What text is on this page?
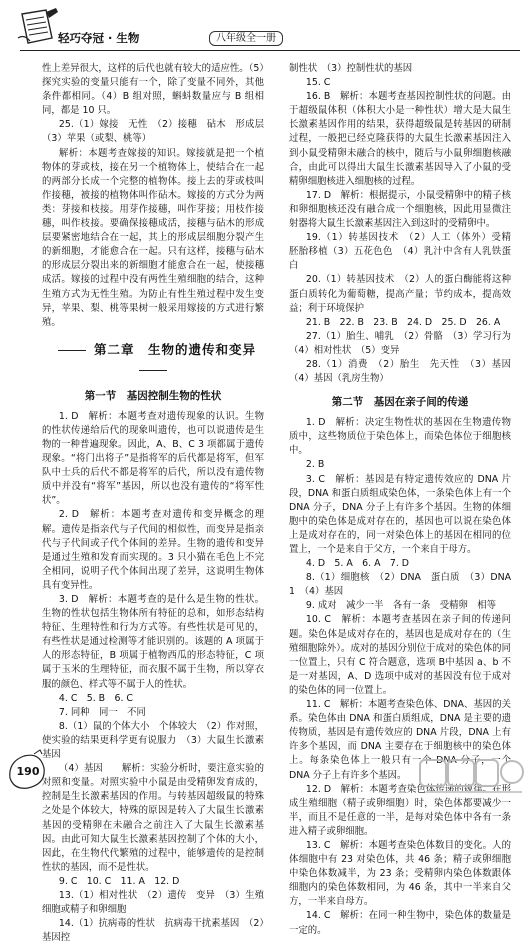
轻巧夺冠 · 生物	八年级全一册

性上差异很大，这样的后代也就有较大的适应性。（5）探究实验的变量只能有一个，除了变量不同外，其他条件都相同。（4）B 组对照，蝌蚪数量应与 B 组相同，都是 10 只。

25.（1）嫁接　无性　（2）接穗　砧木　形成层　（3）苹果（或梨、桃等）

解析：本题考查嫁接的知识。嫁接就是把一个植物体的芽或枝，接在另一个植物体上，使结合在一起的两部分长成一个完整的植物体。接上去的芽或枝叫作接穗，被接的植物体叫作砧木。嫁接的方式分为两类：芽接和枝接。用芽作接穗，叫作芽接；用枝作接穗，叫作枝接。要确保接穗成活，接穗与砧木的形成层要紧密地结合在一起，其上的形成层细胞分裂产生的新细胞，才能愈合在一起。只有这样，接穗与砧木的形成层分裂出来的新细胞才能愈合在一起，使接穗成活。嫁接的过程中没有两性生殖细胞的结合，这种生殖方式为无性生殖。为防止有性生殖过程中发生变异，苹果、梨、桃等果树一般采用嫁接的方式进行繁殖。

第二章　生物的遗传和变异
第一节　基因控制生物的性状

1. D　解析：本题考查对遗传现象的认识。生物的性状传递给后代的现象叫遗传，也可以说遗传是生物的一种普遍现象。因此，A、B、C 3 项都属于遗传现象。“将门出将子”是指将军的后代都是将军，但军队中士兵的后代不都是将军的后代，所以没有遗传物质中并没有“将军”基因，所以也没有遗传的“将军性状”。

2. D　解析：本题考查对遗传和变异概念的理解。遗传是指亲代与子代间的相似性，而变异是指亲代与子代间或子代个体间的差异。生物的遗传和变异是通过生殖和发育而实现的。3 只小猫在毛色上不完全相同，说明子代个体间出现了差异，这说明生物体具有变异性。

3. D　解析：本题考查的是什么是生物的性状。生物的性状包括生物体所有特征的总和，如形态结构特征、生理特性和行为方式等。有些性状是可见的，有些性状是通过检测等才能识别的。该题的 A 项属于人的形态特征，B 项属于植物西瓜的形态特征，C 项属于玉米的生理特征，而衣服不属于生物，所以穿衣服的颜色、样式等不属于人的性状。

4. C　5. B　6. C

7. 同种　同一　不同

8.（1）鼠的个体大小　个体较大　（2）作对照，使实验的结果更科学更有说服力　（3）大鼠生长激素基因

（4）基因　　解析：实验分析时，要注意实验的对照和变量。对照实验中小鼠是由受精卵发育成的，控制是生长激素基因的作用。与转基因超级鼠的特殊之处是个体较大，特殊的原因是转入了大鼠生长激素基因的受精卵在未融合之前注入了大鼠生长激素基因。由此可知大鼠生长激素基因控制了个体的大小，因此，在生物代代繁殖的过程中，能够遗传的是控制性状的基因，而不是性状。

9. C　10. C　11. A　12. D

13.（1）相对性状　（2）遗传　变异　（3）生殖细胞或精子和卵细胞

14.（1）抗病毒的性状　抗病毒干扰素基因　（2）基因控

制性状　（3）控制性状的基因

15. C

16. B　解析：本题考查基因控制性状的问题。由于超级鼠体积（体积大小是一种性状）增大是大鼠生长激素基因作用的结果，获得超级鼠是转基因的研制过程，一般把已经克隆获得的大鼠生长激素基因注入到小鼠受精卵未融合的核中，随后与小鼠卵细胞核融合，由此可以得出大鼠生长激素基因导入了小鼠的受精卵细胞核进入细胞核的过程。

17. D　解析：根据提示，小鼠受精卵中的精子核和卵细胞核还没有融合成一个细胞核，因此用显微注射器将大鼠生长激素基因注入到这时的受精卵中。

19.（1）转基因技术　（2）人工（体外）受精　胚胎移植（3）五花色色　（4）乳汁中含有人乳铁蛋白

20.（1）转基因技术　（2）人的蛋白酶能将这种蛋白质转化为葡萄糖，提高产量；节约成本，提高效益；利于环境保护

21. B　22. B　23. B　24. D　25. D　26. A

27.（1）胎生、哺乳　（2）骨骼　（3）学习行为　（4）相对性状　（5）变异

28.（1）消费　（2）胎生　先天性　（3）基因　（4）基因（乳房生物）

第二节　基因在亲子间的传递

1. D　解析：决定生物性状的基因在生物遗传物质中，这些物质位于染色体上，而染色体位于细胞核中。

2. B

3. C　解析：基因是有特定遗传效应的 DNA 片段，DNA 和蛋白质组成染色体，一条染色体上有一个 DNA 分子，DNA 分子上有许多个基因。生物的体细胞中的染色体是成对存在的，基因也可以说在染色体上是成对存在的，同一对染色体上的基因在相同的位置上，一个是来自于父方，一个来自于母方。

4. D　5. A　6. A　7. D

8.（1）细胞核　（2）DNA　蛋白质　（3）DNA　1　（4）基因

9. 成对　减少一半　各有一条　受精卵　相等

10. C　解析：本题考查基因在亲子间的传递问题。染色体是成对存在的，基因也是成对存在的（生殖细胞除外）。成对的基因分别位于成对的染色体的同一位置上，只有 C 符合题意，选项 B中基因 a、b 不是一对基因，A、D 选项中成对的基因没有位于成对的染色体的同一位置上。

11. C　解析：本题考查染色体、DNA、基因的关系。染色体由 DNA 和蛋白质组成，DNA 是主要的遗传物质，基因是有遗传效应的 DNA 片段，DNA 上有许多个基因，而 DNA 主要存在于细胞核中的染色体上。每条染色体上一般只有一个 DNA 分子，一个 DNA 分子上有许多个基因。

12. D　解析：本题考查染色体传递的规律。在形成生殖细胞（精子或卵细胞）时，染色体都要减少一半，而且不是任意的一半，是每对染色体中各有一条进入精子或卵细胞。

13. C　解析：本题考查染色体数目的变化。人的体细胞中有 23 对染色体，共 46 条；精子或卵细胞中染色体数减半，为 23 条；受精卵内染色体数跟体细胞内的染色体数相同，为 46 条，其中一半来自父方，一半来自母方。

14. C　解析：在同一种生物中，染色体的数量是一定的。

190
